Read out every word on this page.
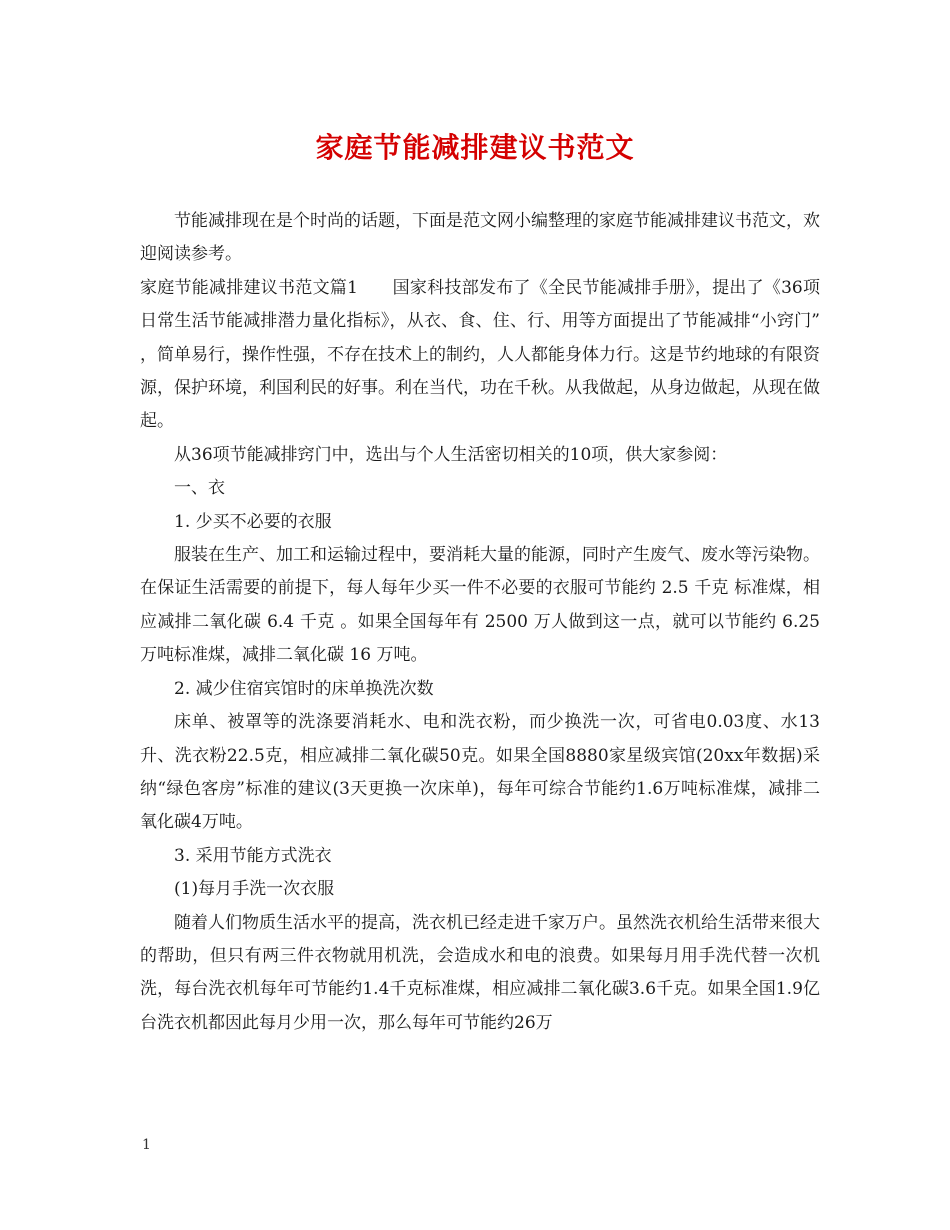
家庭节能减排建议书范文

节能减排现在是个时尚的话题，下面是范文网小编整理的家庭节能减排建议书范文，欢迎阅读参考。

家庭节能减排建议书范文篇1　　国家科技部发布了《全民节能减排手册》，提出了《36项日常生活节能减排潜力量化指标》，从衣、食、住、行、用等方面提出了节能减排“小窍门” ，简单易行，操作性强，不存在技术上的制约，人人都能身体力行。这是节约地球的有限资源，保护环境，利国利民的好事。利在当代，功在千秋。从我做起，从身边做起，从现在做起。

从36项节能减排窍门中，选出与个人生活密切相关的10项，供大家参阅：

一、衣

1. 少买不必要的衣服

服装在生产、加工和运输过程中，要消耗大量的能源，同时产生废气、废水等污染物。在保证生活需要的前提下，每人每年少买一件不必要的衣服可节能约 2.5 千克 标准煤，相应减排二氧化碳 6.4 千克 。如果全国每年有 2500 万人做到这一点，就可以节能约 6.25 万吨标准煤，减排二氧化碳 16 万吨。

2. 减少住宿宾馆时的床单换洗次数

床单、被罩等的洗涤要消耗水、电和洗衣粉，而少换洗一次，可省电0.03度、水13升、洗衣粉22.5克，相应减排二氧化碳50克。如果全国8880家星级宾馆(20xx年数据)采纳“绿色客房”标准的建议(3天更换一次床单)，每年可综合节能约1.6万吨标准煤，减排二氧化碳4万吨。

3. 采用节能方式洗衣

(1)每月手洗一次衣服

随着人们物质生活水平的提高，洗衣机已经走进千家万户。虽然洗衣机给生活带来很大的帮助，但只有两三件衣物就用机洗，会造成水和电的浪费。如果每月用手洗代替一次机洗，每台洗衣机每年可节能约1.4千克标准煤，相应减排二氧化碳3.6千克。如果全国1.9亿台洗衣机都因此每月少用一次，那么每年可节能约26万

1
